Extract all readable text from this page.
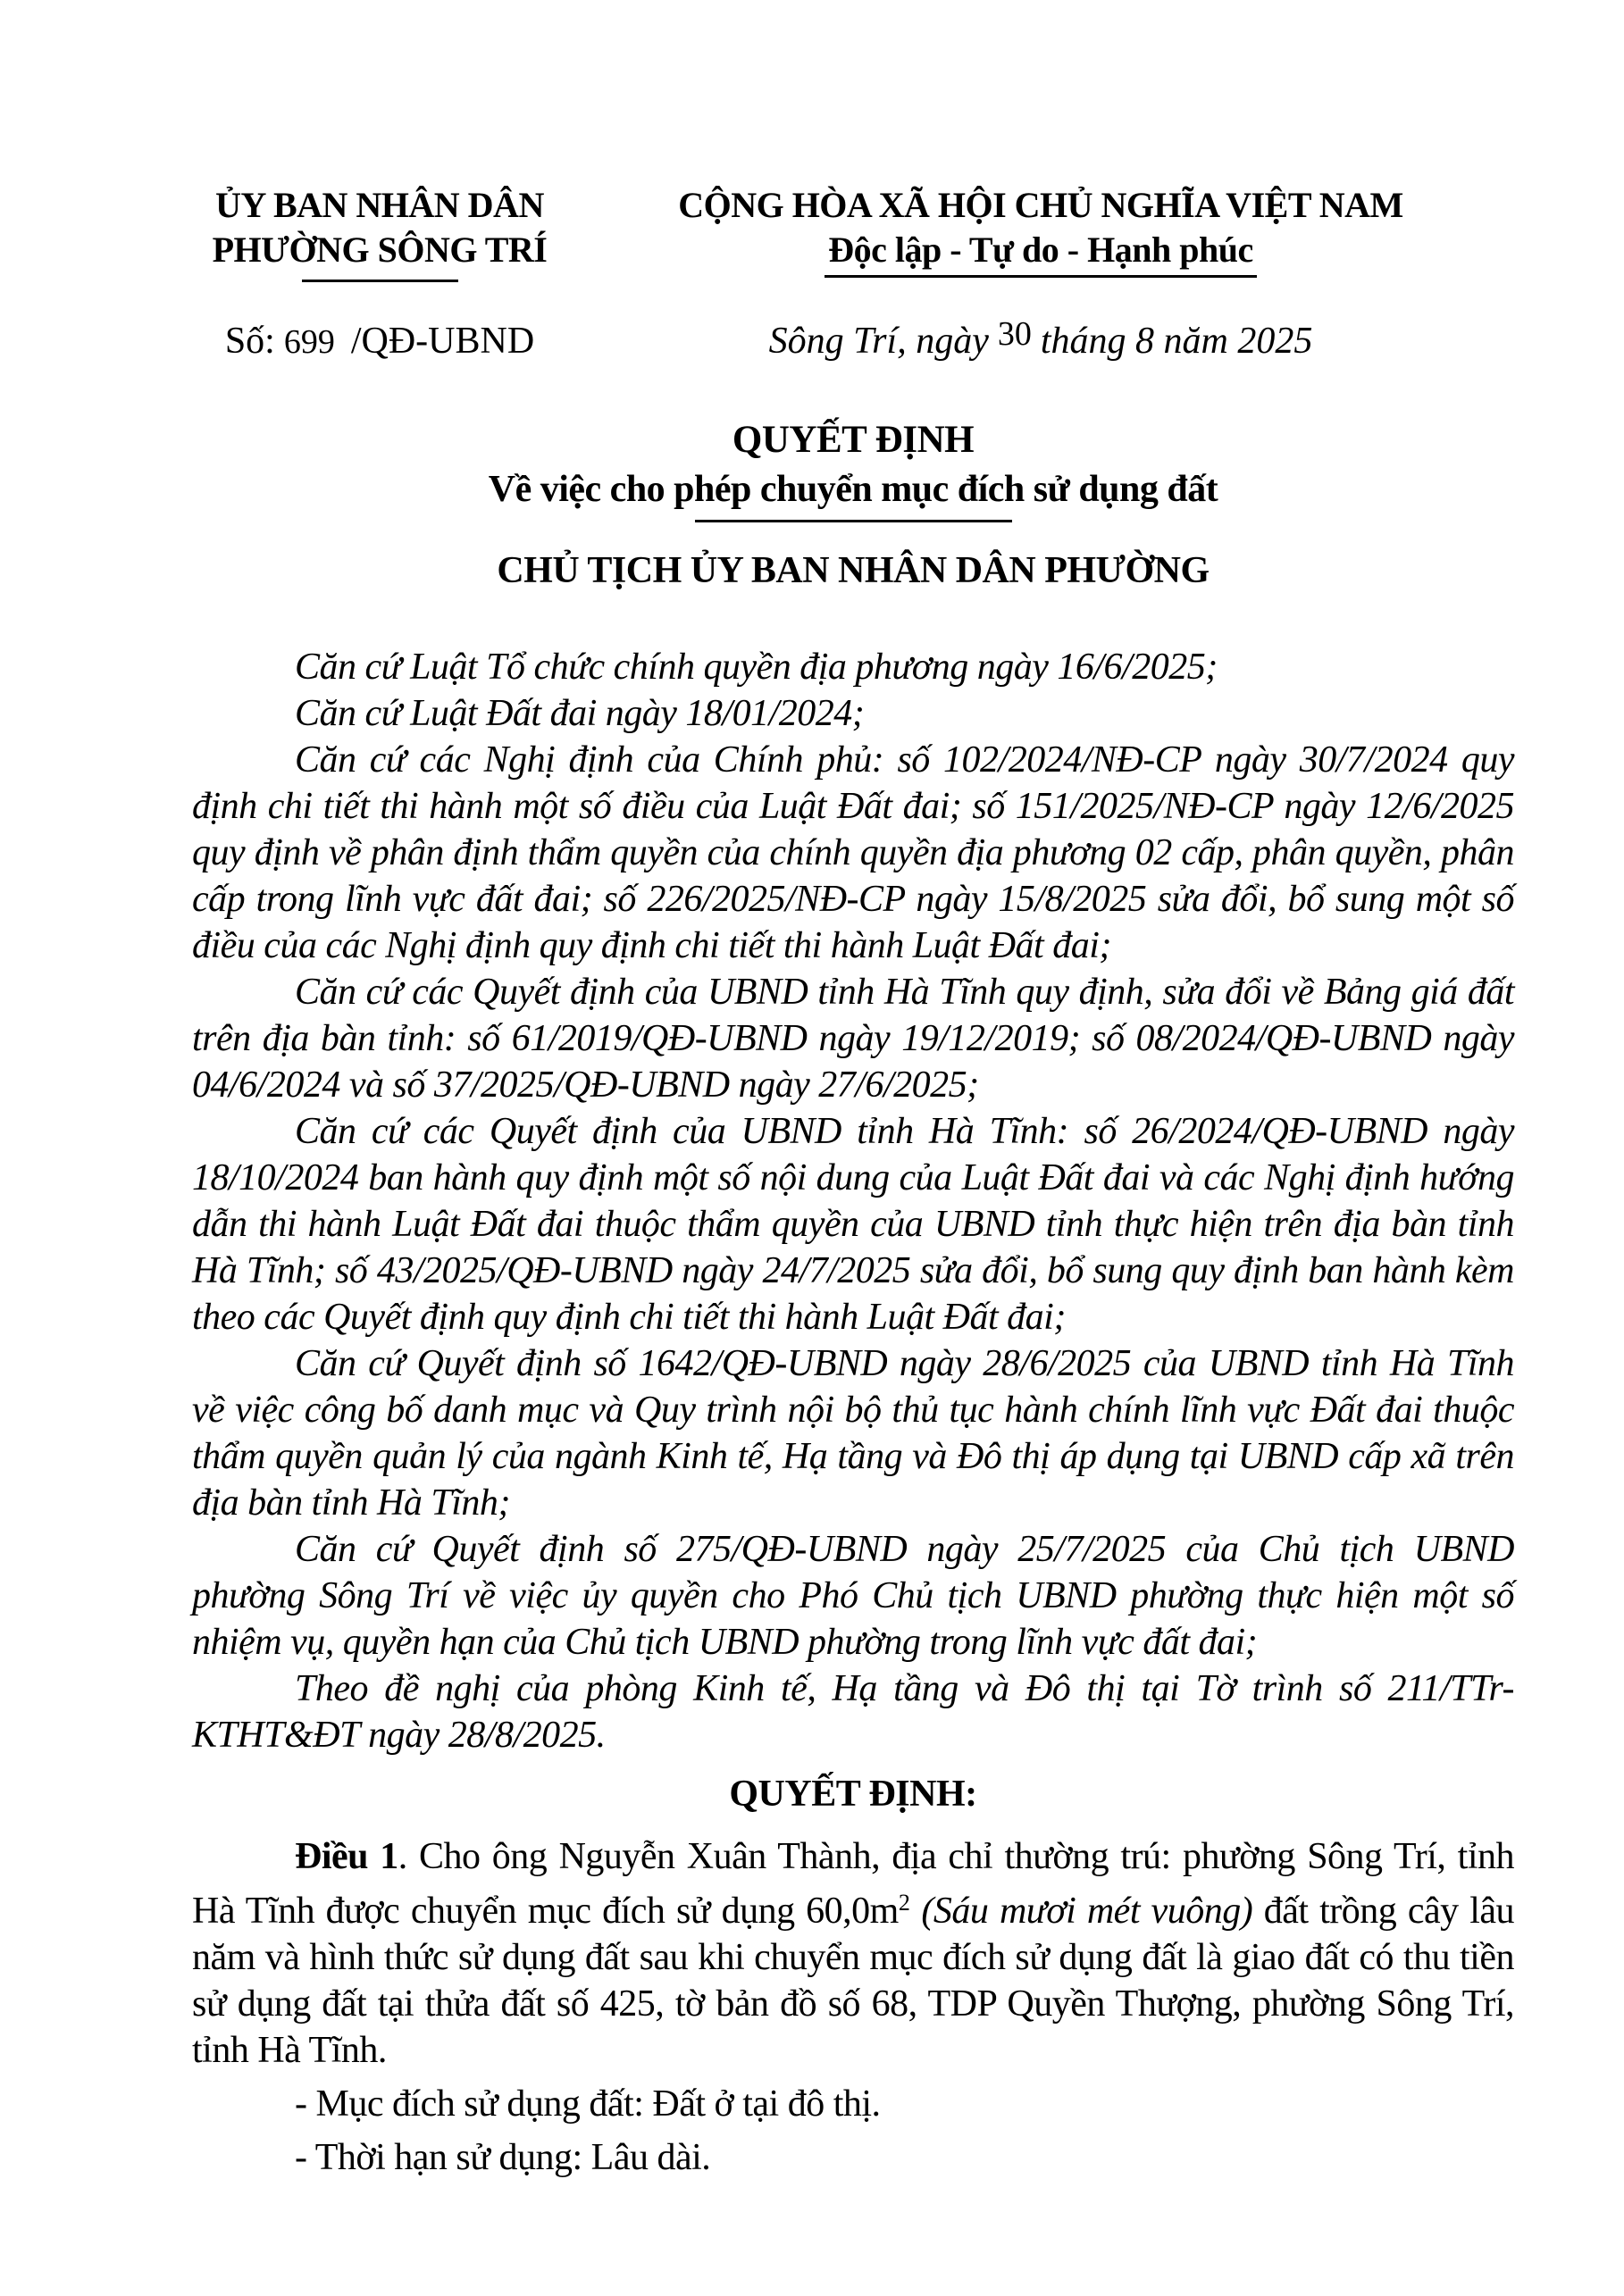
ỦY BAN NHÂN DÂN
PHƯỜNG SÔNG TRÍ
CỘNG HÒA XÃ HỘI CHỦ NGHĨA VIỆT NAM
Độc lập - Tự do - Hạnh phúc
Số: 699 /QĐ-UBND	Sông Trí, ngày 30 tháng 8 năm 2025
QUYẾT ĐỊNH
Về việc cho phép chuyển mục đích sử dụng đất
CHỦ TỊCH ỦY BAN NHÂN DÂN PHƯỜNG

Căn cứ Luật Tổ chức chính quyền địa phương ngày 16/6/2025;

Căn cứ Luật Đất đai ngày 18/01/2024;

Căn cứ các Nghị định của Chính phủ: số 102/2024/NĐ-CP ngày 30/7/2024 quy định chi tiết thi hành một số điều của Luật Đất đai; số 151/2025/NĐ-CP ngày 12/6/2025 quy định về phân định thẩm quyền của chính quyền địa phương 02 cấp, phân quyền, phân cấp trong lĩnh vực đất đai; số 226/2025/NĐ-CP ngày 15/8/2025 sửa đổi, bổ sung một số điều của các Nghị định quy định chi tiết thi hành Luật Đất đai;

Căn cứ các Quyết định của UBND tỉnh Hà Tĩnh quy định, sửa đổi về Bảng giá đất trên địa bàn tỉnh: số 61/2019/QĐ-UBND ngày 19/12/2019; số 08/2024/QĐ-UBND ngày 04/6/2024 và số 37/2025/QĐ-UBND ngày 27/6/2025;

Căn cứ các Quyết định của UBND tỉnh Hà Tĩnh: số 26/2024/QĐ-UBND ngày 18/10/2024 ban hành quy định một số nội dung của Luật Đất đai và các Nghị định hướng dẫn thi hành Luật Đất đai thuộc thẩm quyền của UBND tỉnh thực hiện trên địa bàn tỉnh Hà Tĩnh; số 43/2025/QĐ-UBND ngày 24/7/2025 sửa đổi, bổ sung quy định ban hành kèm theo các Quyết định quy định chi tiết thi hành Luật Đất đai;

Căn cứ Quyết định số 1642/QĐ-UBND ngày 28/6/2025 của UBND tỉnh Hà Tĩnh về việc công bố danh mục và Quy trình nội bộ thủ tục hành chính lĩnh vực Đất đai thuộc thẩm quyền quản lý của ngành Kinh tế, Hạ tầng và Đô thị áp dụng tại UBND cấp xã trên địa bàn tỉnh Hà Tĩnh;

Căn cứ Quyết định số 275/QĐ-UBND ngày 25/7/2025 của Chủ tịch UBND phường Sông Trí về việc ủy quyền cho Phó Chủ tịch UBND phường thực hiện một số nhiệm vụ, quyền hạn của Chủ tịch UBND phường trong lĩnh vực đất đai;

Theo đề nghị của phòng Kinh tế, Hạ tầng và Đô thị tại Tờ trình số 211/TTr-KTHT&ĐT ngày 28/8/2025.

QUYẾT ĐỊNH:

Điều 1. Cho ông Nguyễn Xuân Thành, địa chỉ thường trú: phường Sông Trí, tỉnh Hà Tĩnh được chuyển mục đích sử dụng $60,0m^2$ (Sáu mươi mét vuông) đất trồng cây lâu năm và hình thức sử dụng đất sau khi chuyển mục đích sử dụng đất là giao đất có thu tiền sử dụng đất tại thửa đất số 425, tờ bản đồ số 68, TDP Quyền Thượng, phường Sông Trí, tỉnh Hà Tĩnh.

- Mục đích sử dụng đất: Đất ở tại đô thị.

- Thời hạn sử dụng: Lâu dài.
